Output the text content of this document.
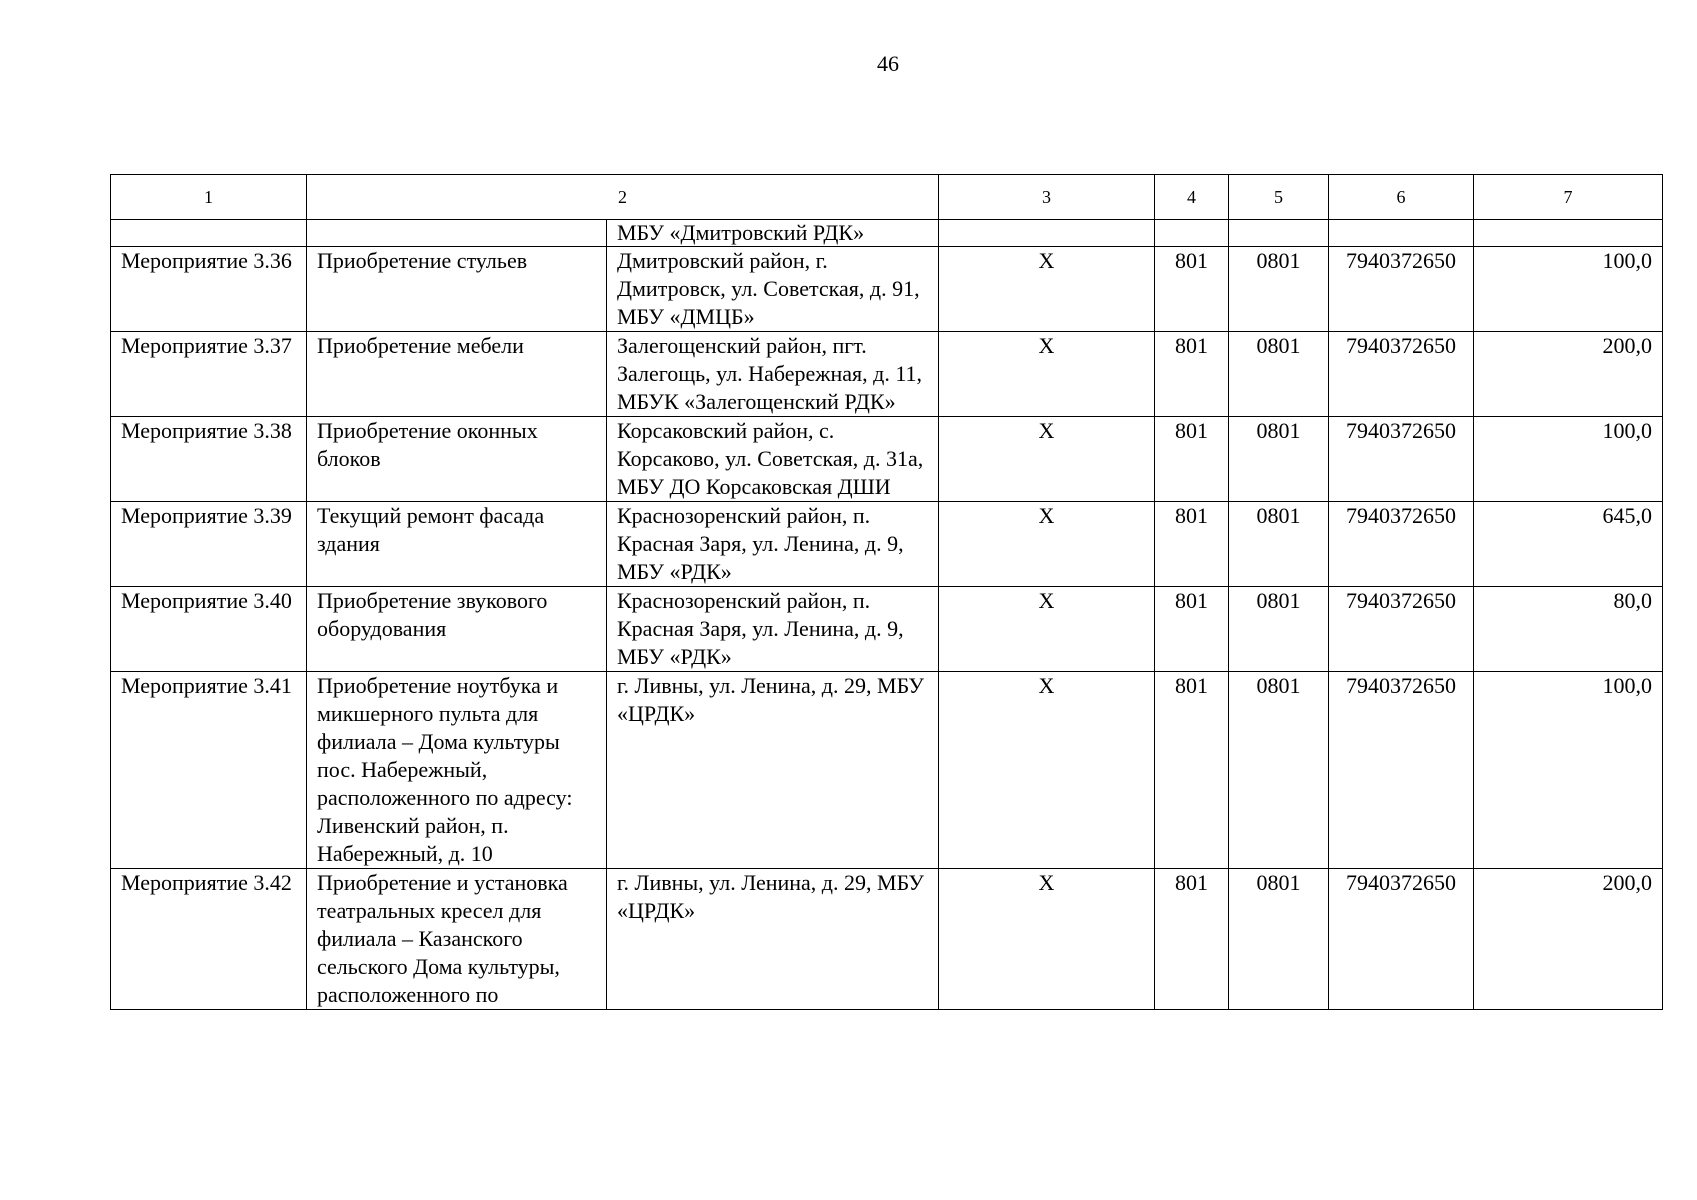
46
1	2		3	4	5	6	7
		МБУ «Дмитровский РДК»					
Мероприятие 3.36	Приобретение стульев	Дмитровский район, г. Дмитровск, ул. Советская, д. 91, МБУ «ДМЦБ»	Х	801	0801	7940372650	100,0
Мероприятие 3.37	Приобретение мебели	Залегощенский район, пгт. Залегощь, ул. Набережная, д. 11, МБУК «Залегощенский РДК»	Х	801	0801	7940372650	200,0
Мероприятие 3.38	Приобретение оконных блоков	Корсаковский район, с. Корсаково, ул. Советская, д. 31а, МБУ ДО Корсаковская ДШИ	Х	801	0801	7940372650	100,0
Мероприятие 3.39	Текущий ремонт фасада здания	Краснозоренский район, п. Красная Заря, ул. Ленина, д. 9, МБУ «РДК»	Х	801	0801	7940372650	645,0
Мероприятие 3.40	Приобретение звукового оборудования	Краснозоренский район, п. Красная Заря, ул. Ленина, д. 9, МБУ «РДК»	Х	801	0801	7940372650	80,0
Мероприятие 3.41	Приобретение ноутбука и микшерного пульта для филиала – Дома культуры пос. Набережный, расположенного по адресу: Ливенский район, п. Набережный, д. 10	г. Ливны, ул. Ленина, д. 29, МБУ «ЦРДК»	Х	801	0801	7940372650	100,0
Мероприятие 3.42	Приобретение и установка театральных кресел для филиала – Казанского сельского Дома культуры, расположенного по	г. Ливны, ул. Ленина, д. 29, МБУ «ЦРДК»	Х	801	0801	7940372650	200,0
